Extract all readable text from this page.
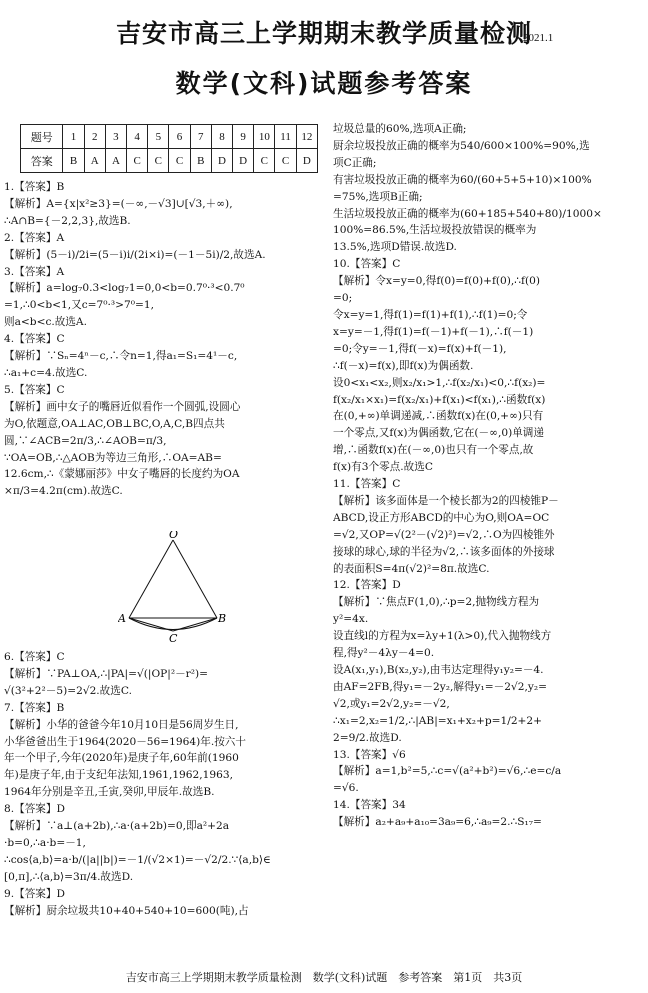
吉安市高三上学期期末教学质量检测
2021.1
数学(文科)试题参考答案
题号	1	2	3	4	5	6	7	8	9	10	11	12
答案	B	A	A	C	C	C	B	D	D	C	C	D
1.【答案】B
【解析】A={x|x²≥3}=(－∞,－√3]∪[√3,＋∞),
∴A∩B={－2,2,3},故选B.
2.【答案】A
【解析】(5－i)/2i=(5－i)i/(2i×i)=(－1－5i)/2,故选A.
3.【答案】A
【解析】a=log₇0.3<log₇1=0,0<b=0.7⁰·³<0.7⁰
=1,∴0<b<1,又c=7⁰·³>7⁰=1,
则a<b<c.故选A.
4.【答案】C
【解析】∵Sₙ=4ⁿ－c,∴令n=1,得a₁=S₁=4¹－c,
∴a₁+c=4.故选C.
5.【答案】C
【解析】画中女子的嘴唇近似看作一个圆弧,设圆心
为O,依题意,OA⊥AC,OB⊥BC,O,A,C,B四点共
圆,∵∠ACB=2π/3,∴∠AOB=π/3,
∵OA=OB,∴△AOB为等边三角形,∴OA=AB=
12.6cm,∴《蒙娜丽莎》中女子嘴唇的长度约为OA
×π/3=4.2π(cm).故选C.
O
A	B
C
6.【答案】C
【解析】∵PA⊥OA,∴|PA|=√(|OP|²－r²)=
√(3²+2²－5)=2√2.故选C.
7.【答案】B
【解析】小华的爸爸今年10月10日是56周岁生日,
小华爸爸出生于1964(2020－56=1964)年.按六十
年一个甲子,今年(2020年)是庚子年,60年前(1960
年)是庚子年,由于支纪年法知,1961,1962,1963,
1964年分别是辛丑,壬寅,癸卯,甲辰年.故选B.
8.【答案】D
【解析】∵a⊥(a+2b),∴a·(a+2b)=0,即a²+2a
·b=0,∴a·b=－1,
∴cos⟨a,b⟩=a·b/(|a||b|)=－1/(√2×1)=－√2/2.∵⟨a,b⟩∈
[0,π],∴⟨a,b⟩=3π/4.故选D.
9.【答案】D
【解析】厨余垃圾共10+40+540+10=600(吨),占
垃圾总量的60%,选项A正确;
厨余垃圾投放正确的概率为540/600×100%=90%,选
项C正确;
有害垃圾投放正确的概率为60/(60+5+5+10)×100%
=75%,选项B正确;
生活垃圾投放正确的概率为(60+185+540+80)/1000×
100%=86.5%,生活垃圾投放错误的概率为
13.5%,选项D错误.故选D.
10.【答案】C
【解析】令x=y=0,得f(0)=f(0)+f(0),∴f(0)
=0;
令x=y=1,得f(1)=f(1)+f(1),∴f(1)=0;令
x=y=－1,得f(1)=f(－1)+f(－1),∴f(－1)
=0;令y=－1,得f(－x)=f(x)+f(－1),
∴f(－x)=f(x),即f(x)为偶函数.
设0<x₁<x₂,则x₂/x₁>1,∴f(x₂/x₁)<0,∴f(x₂)=
f(x₂/x₁×x₁)=f(x₂/x₁)+f(x₁)<f(x₁),∴函数f(x)
在(0,+∞)单调递减,∴函数f(x)在(0,+∞)只有
一个零点,又f(x)为偶函数,它在(－∞,0)单调递
增,∴函数f(x)在(－∞,0)也只有一个零点,故
f(x)有3个零点.故选C
11.【答案】C
【解析】该多面体是一个棱长都为2的四棱锥P－
ABCD,设正方形ABCD的中心为O,则OA=OC
=√2,又OP=√(2²－(√2)²)=√2,∴O为四棱锥外
接球的球心,球的半径为√2,∴该多面体的外接球
的表面积S=4π(√2)²=8π.故选C.
12.【答案】D
【解析】∵焦点F(1,0),∴p=2,抛物线方程为
y²=4x.
设直线l的方程为x=λy+1(λ>0),代入抛物线方
程,得y²－4λy－4=0.
设A(x₁,y₁),B(x₂,y₂),由韦达定理得y₁y₂=－4.
由AF=2FB,得y₁=－2y₂,解得y₁=－2√2,y₂=
√2,或y₁=2√2,y₂=－√2,
∴x₁=2,x₂=1/2,∴|AB|=x₁+x₂+p=1/2+2+
2=9/2.故选D.
13.【答案】√6
【解析】a=1,b²=5,∴c=√(a²+b²)=√6,∴e=c/a
=√6.
14.【答案】34
【解析】a₂+a₉+a₁₀=3a₉=6,∴a₉=2.∴S₁₇=
吉安市高三上学期期末教学质量检测　数学(文科)试题　参考答案　第1页　共3页
